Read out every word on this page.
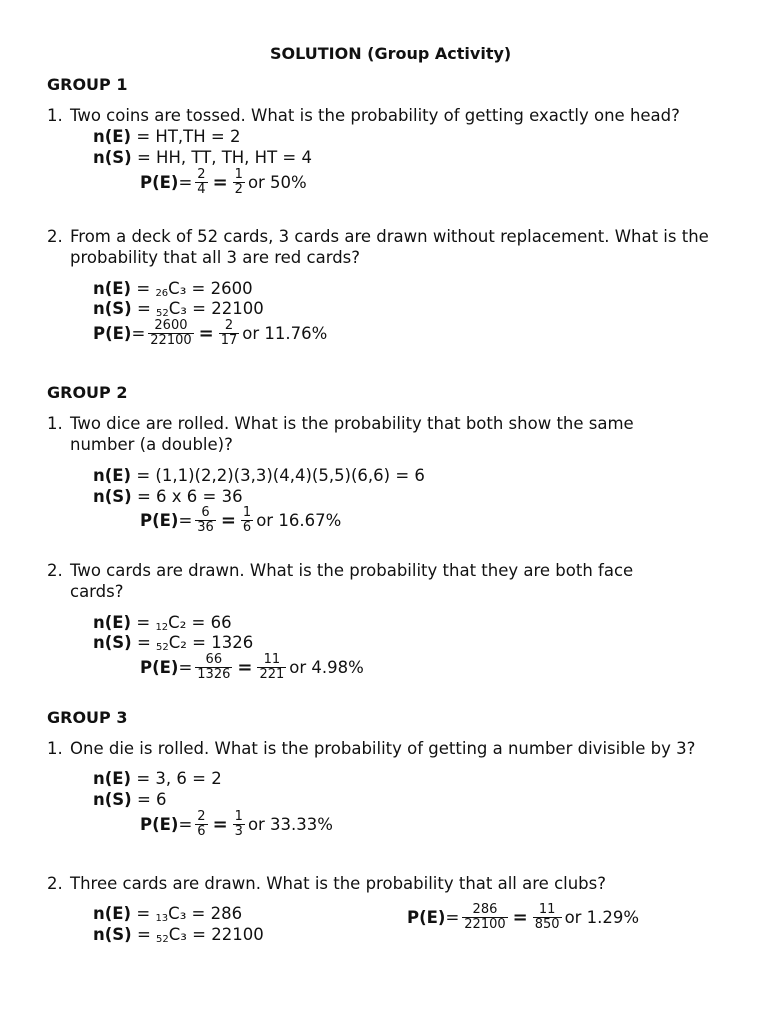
SOLUTION (Group Activity)
GROUP 1
1. Two coins are tossed. What is the probability of getting exactly one head?
n(E) = HT,TH = 2
n(S) = HH, TT, TH, HT = 4
$P(E) = \frac{2}{4} = \frac{1}{2}$ or 50%
2. From a deck of 52 cards, 3 cards are drawn without replacement. What is the probability that all 3 are red cards?
n(E) = 26C₃ = 2600
n(S) = 52C₃ = 22100
$P(E) = \frac{2600}{22100} = \frac{2}{17}$ or 11.76%
GROUP 2
1. Two dice are rolled. What is the probability that both show the same number (a double)?
n(E) = (1,1)(2,2)(3,3)(4,4)(5,5)(6,6) = 6
n(S) = 6 x 6 = 36
$P(E) = \frac{6}{36} = \frac{1}{6}$ or 16.67%
2. Two cards are drawn. What is the probability that they are both face cards?
n(E) = 12C₂ = 66
n(S) = 52C₂ = 1326
$P(E) = \frac{66}{1326} = \frac{11}{221}$ or 4.98%
GROUP 3
1. One die is rolled. What is the probability of getting a number divisible by 3?
n(E) = 3, 6 = 2
n(S) = 6
$P(E) = \frac{2}{6} = \frac{1}{3}$ or 33.33%
2. Three cards are drawn. What is the probability that all are clubs?
n(E) = 13C₃ = 286
n(S) = 52C₃ = 22100
$P(E) = \frac{286}{22100} = \frac{11}{850}$ or 1.29%
